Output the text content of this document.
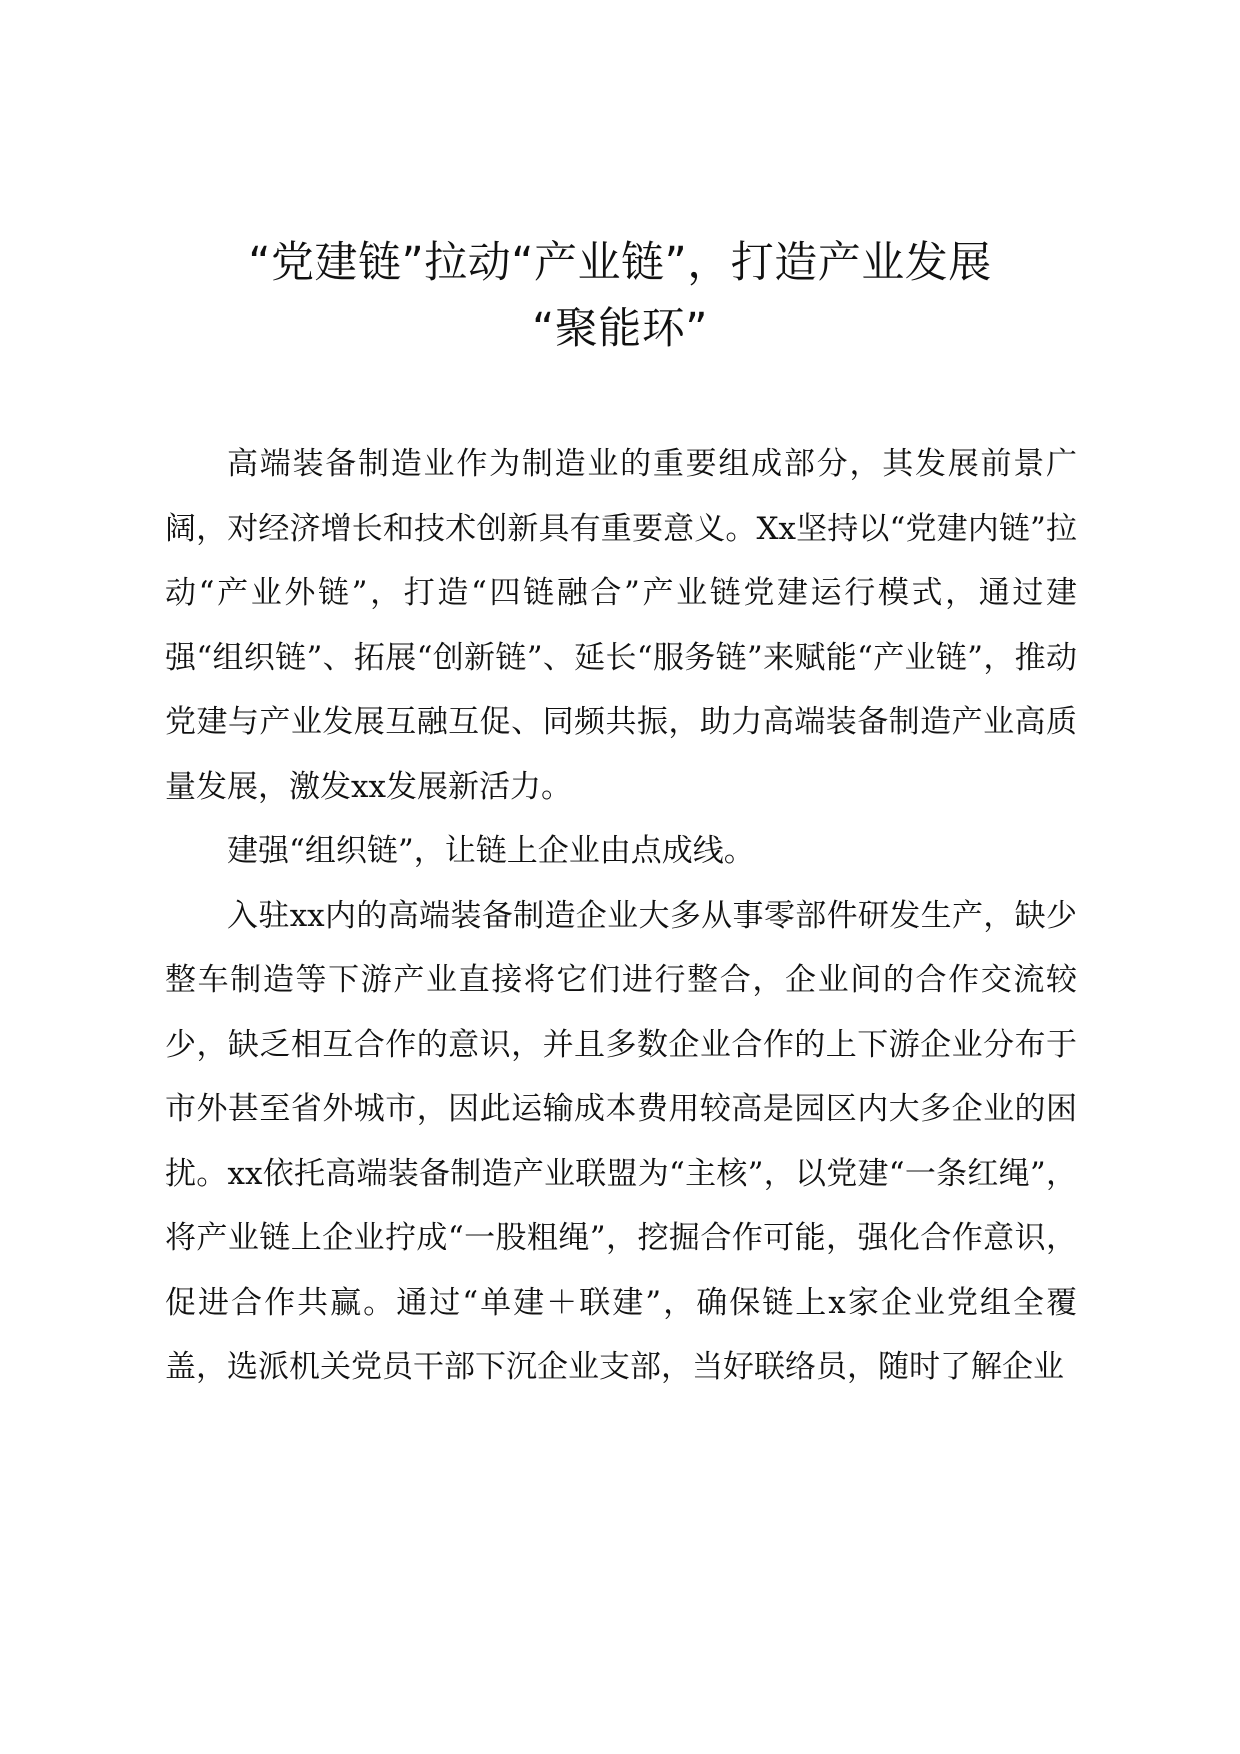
“党建链”拉动“产业链”，打造产业发展
“聚能环”

高端装备制造业作为制造业的重要组成部分，其发展前景广阔，对经济增长和技术创新具有重要意义。Xx坚持以“党建内链”拉动“产业外链”，打造“四链融合”产业链党建运行模式，通过建强“组织链”、拓展“创新链”、延长“服务链”来赋能“产业链”，推动党建与产业发展互融互促、同频共振，助力高端装备制造产业高质量发展，激发xx发展新活力。

建强“组织链”，让链上企业由点成线。

入驻xx内的高端装备制造企业大多从事零部件研发生产，缺少整车制造等下游产业直接将它们进行整合，企业间的合作交流较少，缺乏相互合作的意识，并且多数企业合作的上下游企业分布于市外甚至省外城市，因此运输成本费用较高是园区内大多企业的困扰。xx依托高端装备制造产业联盟为“主核”，以党建“一条红绳”，将产业链上企业拧成“一股粗绳”，挖掘合作可能，强化合作意识，促进合作共赢。通过“单建＋联建”，确保链上x家企业党组全覆盖，选派机关党员干部下沉企业支部，当好联络员，随时了解企业
